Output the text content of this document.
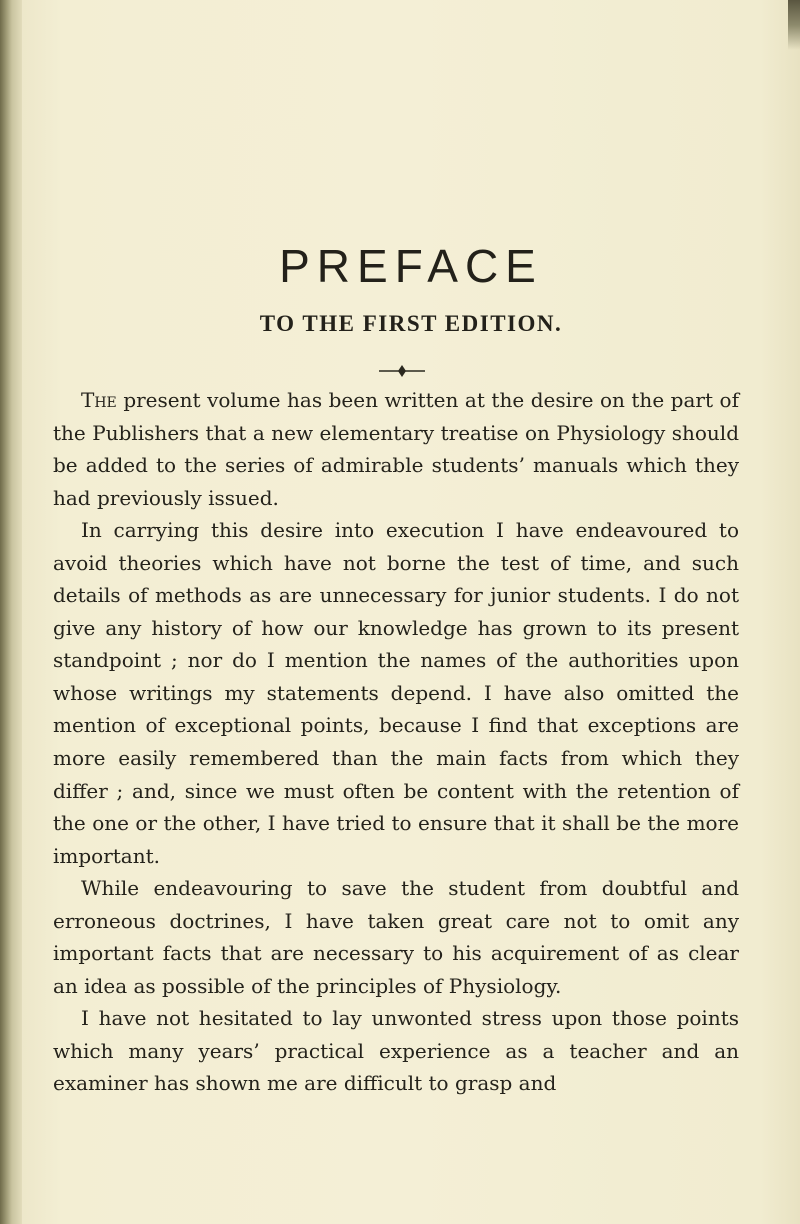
PREFACE
TO THE FIRST EDITION.

The present volume has been written at the desire on the part of the Publishers that a new elementary treatise on Physiology should be added to the series of admirable students’ manuals which they had previously issued.

In carrying this desire into execution I have endeavoured to avoid theories which have not borne the test of time, and such details of methods as are unnecessary for junior students. I do not give any history of how our knowledge has grown to its present standpoint ; nor do I mention the names of the authorities upon whose writings my statements depend. I have also omitted the mention of exceptional points, because I find that exceptions are more easily remembered than the main facts from which they differ ; and, since we must often be content with the retention of the one or the other, I have tried to ensure that it shall be the more important.

While endeavouring to save the student from doubtful and erroneous doctrines, I have taken great care not to omit any important facts that are necessary to his acquirement of as clear an idea as possible of the principles of Physiology.

I have not hesitated to lay unwonted stress upon those points which many years’ practical experience as a teacher and an examiner has shown me are difficult to grasp and
